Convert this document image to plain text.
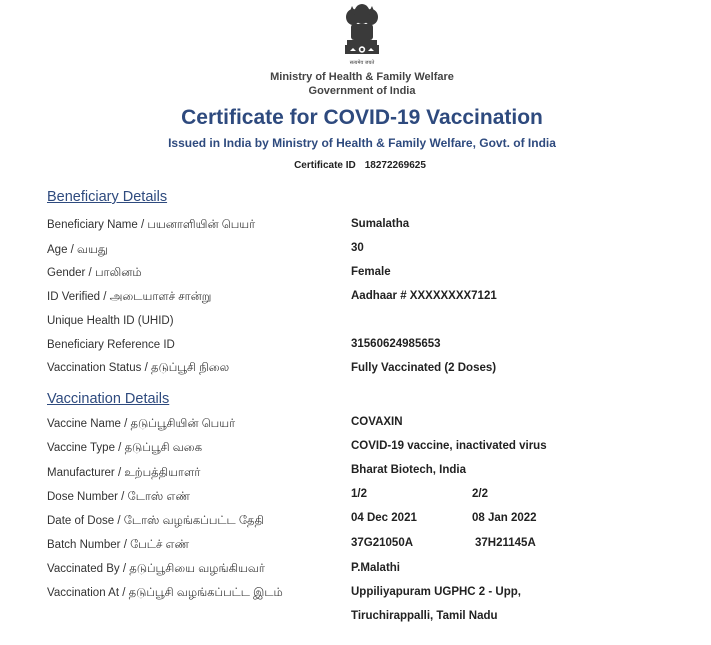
सत्यमेव जयते
Ministry of Health & Family Welfare
Government of India
Certificate for COVID-19 Vaccination
Issued in India by Ministry of Health & Family Welfare, Govt. of India
Certificate ID 18272269625
Beneficiary Details
Beneficiary Name / பயனாளியின் பெயர்	Sumalatha
Age / வயது	30
Gender / பாலினம்	Female
ID Verified / அடையாளச் சான்று	Aadhaar # XXXXXXXX7121
Unique Health ID (UHID)
Beneficiary Reference ID	31560624985653
Vaccination Status / தடுப்பூசி நிலை	Fully Vaccinated (2 Doses)
Vaccination Details
Vaccine Name / தடுப்பூசியின் பெயர்	COVAXIN
Vaccine Type / தடுப்பூசி வகை	COVID-19 vaccine, inactivated virus
Manufacturer / உற்பத்தியாளர்	Bharat Biotech, India
Dose Number / டோஸ் எண்	1/2	2/2
Date of Dose / டோஸ் வழங்கப்பட்ட தேதி	04 Dec 2021	08 Jan 2022
Batch Number / பேட்ச் எண்	37G21050A	37H21145A
Vaccinated By / தடுப்பூசியை வழங்கியவர்	P.Malathi
Vaccination At / தடுப்பூசி வழங்கப்பட்ட இடம்	Uppiliyapuram UGPHC 2 - Upp,
Tiruchirappalli, Tamil Nadu
